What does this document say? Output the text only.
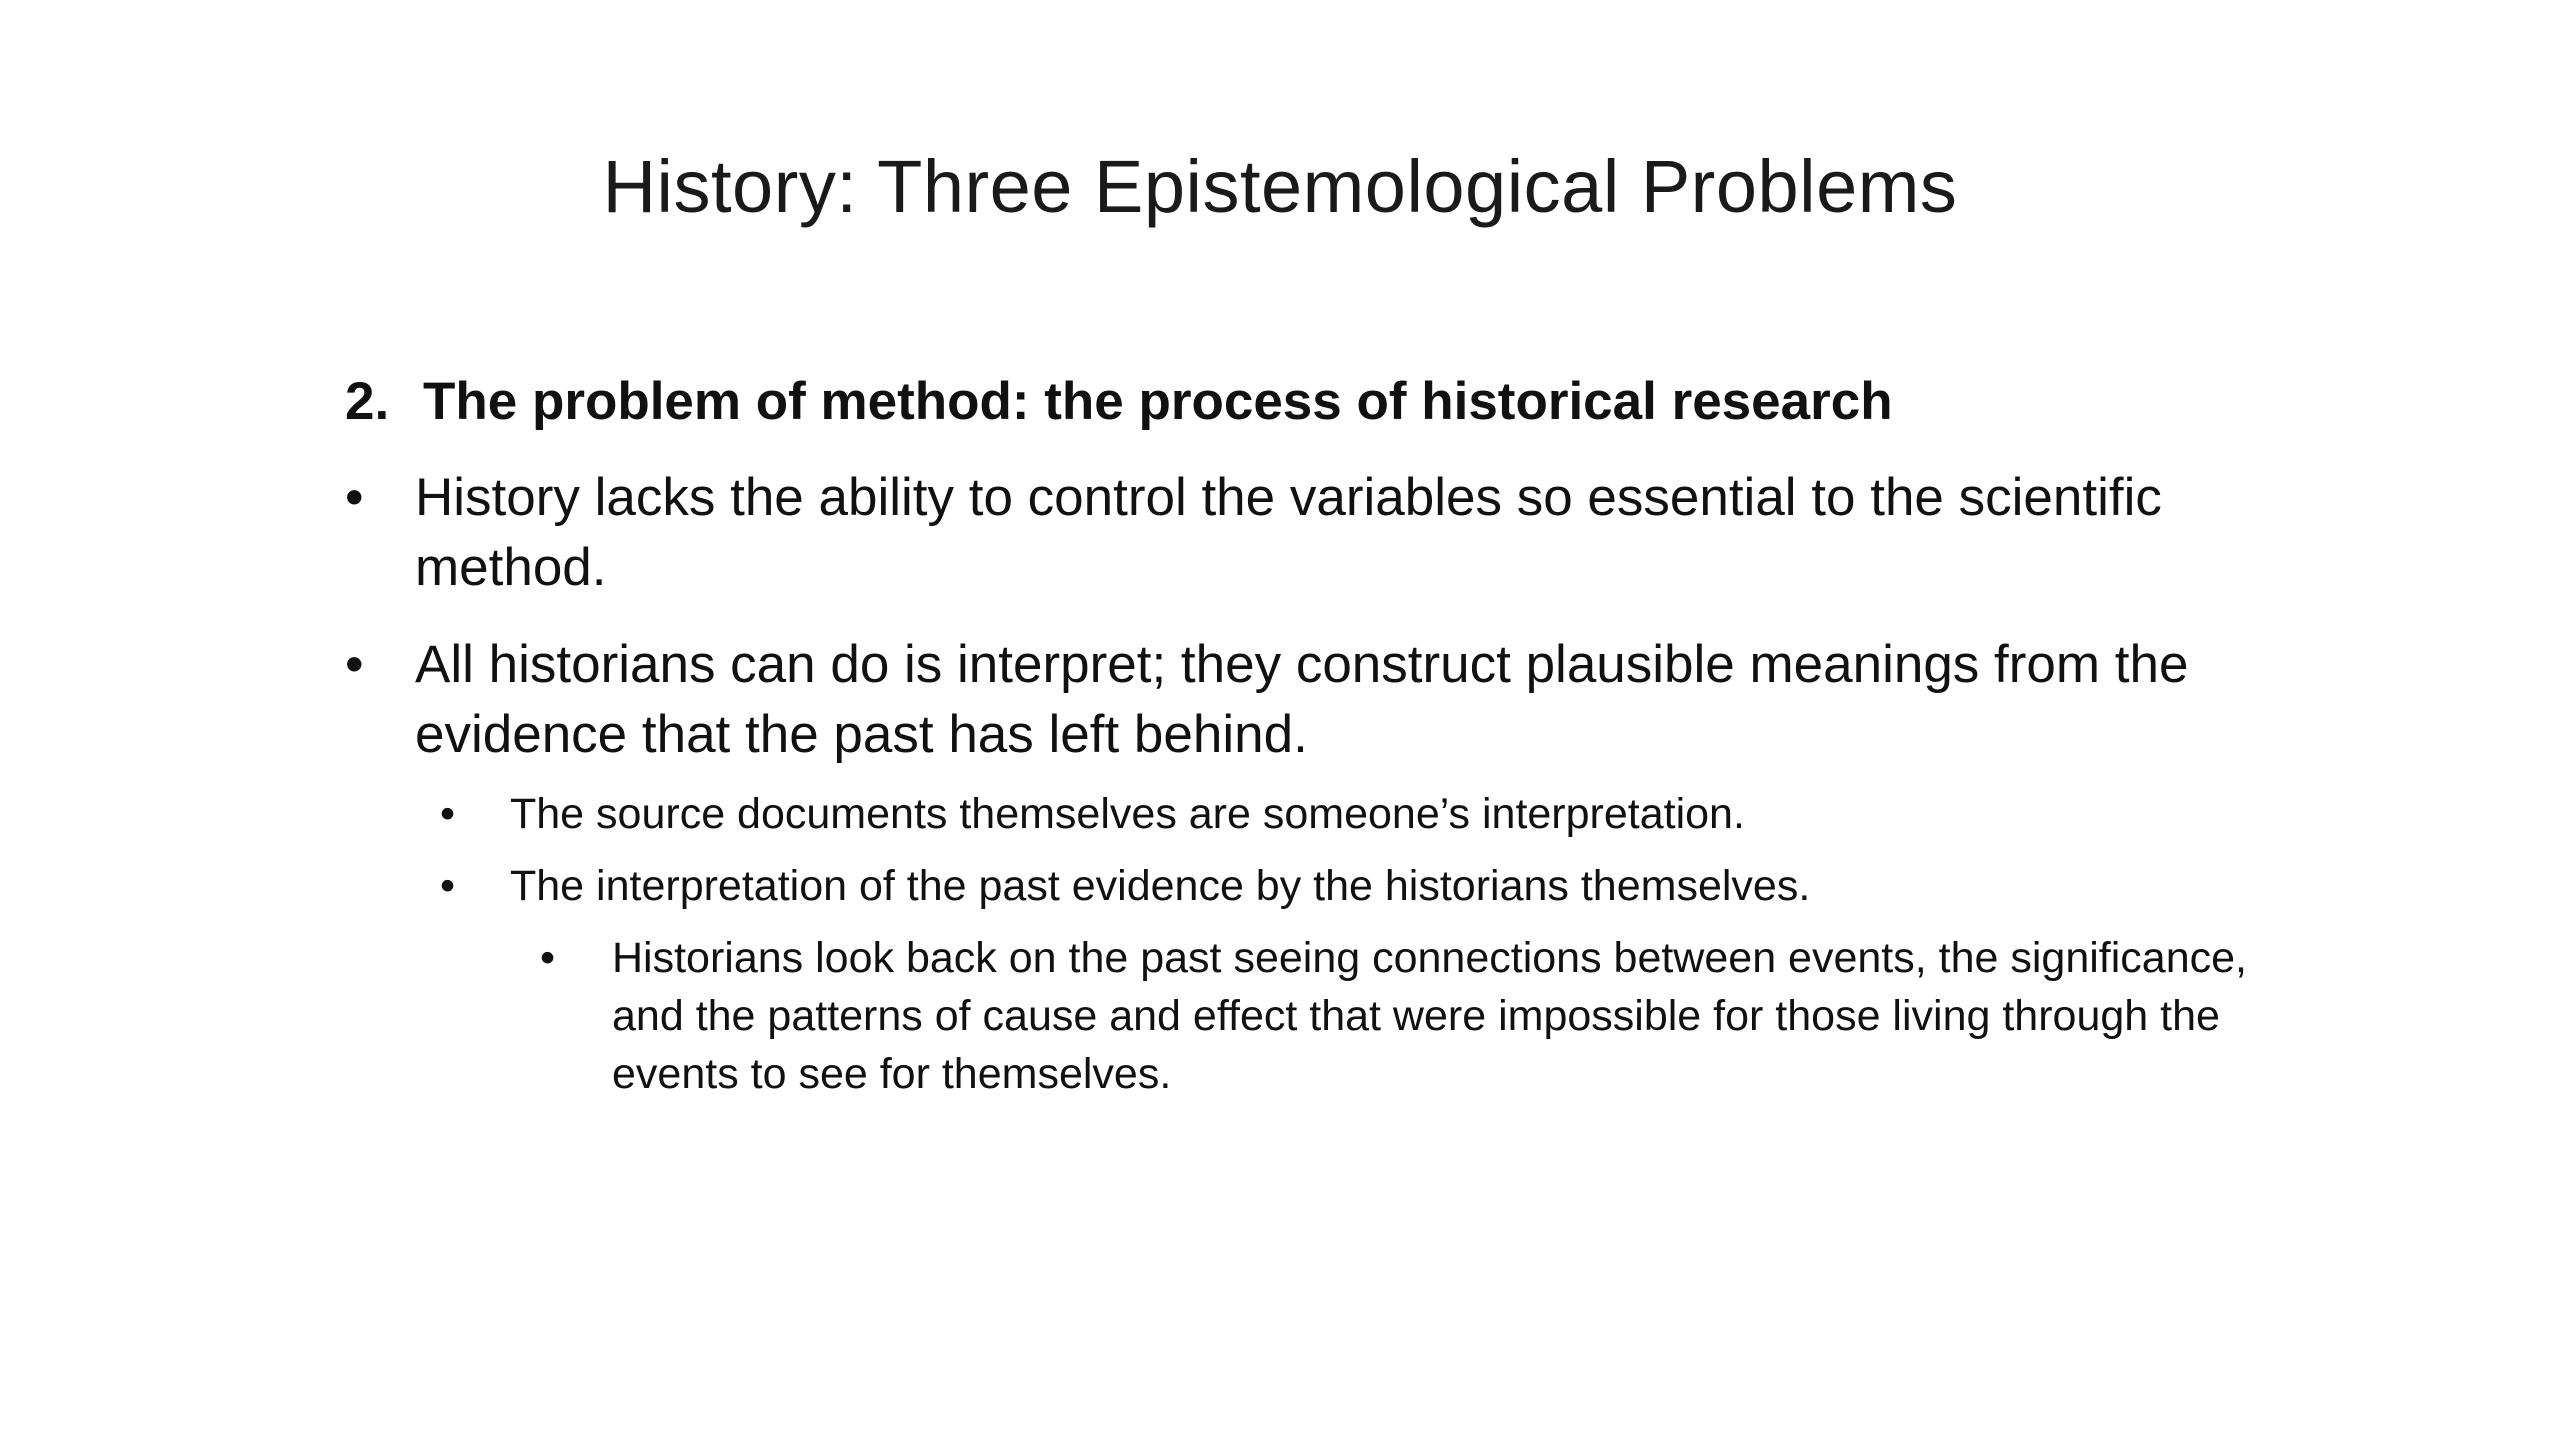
History: Three Epistemological Problems
2. The problem of method: the process of historical research
• History lacks the ability to control the variables so essential to the scientific method.
• All historians can do is interpret; they construct plausible meanings from the evidence that the past has left behind.
• The source documents themselves are someone’s interpretation.
• The interpretation of the past evidence by the historians themselves.
• Historians look back on the past seeing connections between events, the significance, and the patterns of cause and effect that were impossible for those living through the events to see for themselves.
